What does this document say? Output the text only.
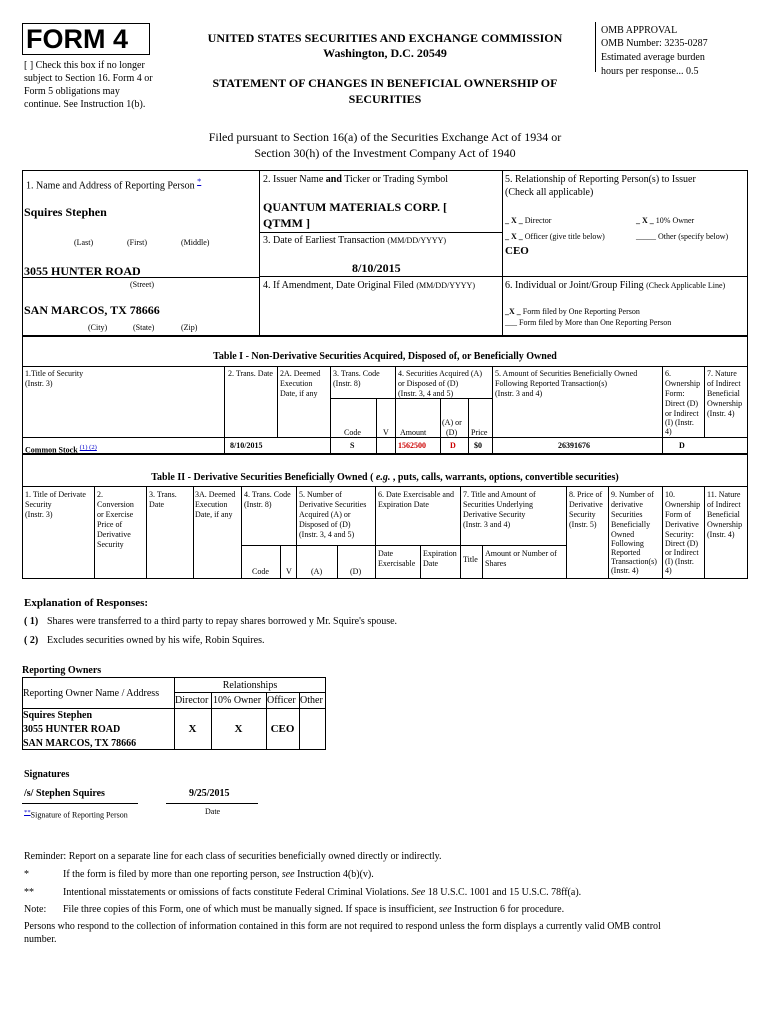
FORM 4
[ ] Check this box if no longer
subject to Section 16. Form 4 or
Form 5 obligations may
continue. See Instruction 1(b).
UNITED STATES SECURITIES AND EXCHANGE COMMISSION
Washington, D.C. 20549
STATEMENT OF CHANGES IN BENEFICIAL OWNERSHIP OF
SECURITIES
OMB APPROVAL
OMB Number: 3235-0287
Estimated average burden
hours per response... 0.5
Filed pursuant to Section 16(a) of the Securities Exchange Act of 1934 or
Section 30(h) of the Investment Company Act of 1940
1. Name and Address of Reporting Person *
Squires Stephen
(Last)	(First)	(Middle)
3055 HUNTER ROAD
(Street)
SAN MARCOS, TX 78666
(City)	(State)	(Zip)
2. Issuer Name and Ticker or Trading Symbol
QUANTUM MATERIALS CORP. [
QTMM ]
3. Date of Earliest Transaction (MM/DD/YYYY)
8/10/2015
4. If Amendment, Date Original Filed (MM/DD/YYYY)
5. Relationship of Reporting Person(s) to Issuer
(Check all applicable)
_ X _ Director	_ X _ 10% Owner
_ X _ Officer (give title below)	_____ Other (specify below)
CEO
6. Individual or Joint/Group Filing (Check Applicable Line)
_X _ Form filed by One Reporting Person
___ Form filed by More than One Reporting Person
Table I - Non-Derivative Securities Acquired, Disposed of, or Beneficially Owned
1.Title of Security
(Instr. 3)
2. Trans. Date 2A. Deemed
Execution
Date, if any
3. Trans. Code
(Instr. 8)
4. Securities Acquired (A)
or Disposed of (D)
(Instr. 3, 4 and 5)
5. Amount of Securities Beneficially Owned
Following Reported Transaction(s)
(Instr. 3 and 4)
6.
Ownership
Form:
Direct (D)
or Indirect
(I) (Instr.
4)
7. Nature
of Indirect
Beneficial
Ownership
(Instr. 4)
Code	V Amount
(A) or
(D) Price
Common Stock $^{(1) (2)}$	8/10/2015	S	1562500	D $0	26391676	D
Table II - Derivative Securities Beneficially Owned ( e.g. , puts, calls, warrants, options, convertible securities)
1. Title of Derivate
Security
(Instr. 3)
2.
Conversion
or Exercise
Price of
Derivative
Security
3. Trans.
Date
3A. Deemed
Execution
Date, if any
4. Trans. Code
(Instr. 8)
5. Number of
Derivative Securities
Acquired (A) or
Disposed of (D)
(Instr. 3, 4 and 5)
6. Date Exercisable and
Expiration Date
7. Title and Amount of
Securities Underlying
Derivative Security
(Instr. 3 and 4)
8. Price of
Derivative
Security
(Instr. 5)
9. Number of
derivative
Securities
Beneficially
Owned
Following
Reported
Transaction(s)
(Instr. 4)
10.
Ownership
Form of
Derivative
Security:
Direct (D)
or Indirect
(I) (Instr.
4)
11. Nature
of Indirect
Beneficial
Ownership
(Instr. 4)
Code V (A)	(D)
Date
Exercisable
Expiration
Date	Title
Amount or Number of
Shares
Explanation of Responses:
( 1) Shares were transferred to a third party to repay shares borrowed y Mr. Squire's spouse.
( 2) Excludes securities owned by his wife, Robin Squires.
Reporting Owners
Reporting Owner Name / Address
Relationships
Director 10% Owner Officer Other
Squires Stephen
3055 HUNTER ROAD
SAN MARCOS, TX 78666
X	X	CEO
Signatures
/s/ Stephen Squires	9/25/2015
**Signature of Reporting Person	Date
Reminder: Report on a separate line for each class of securities beneficially owned directly or indirectly.
*	If the form is filed by more than one reporting person, see Instruction 4(b)(v).
**	Intentional misstatements or omissions of facts constitute Federal Criminal Violations. See 18 U.S.C. 1001 and 15 U.S.C. 78ff(a).
Note: File three copies of this Form, one of which must be manually signed. If space is insufficient, see Instruction 6 for procedure.
Persons who respond to the collection of information contained in this form are not required to respond unless the form displays a currently valid OMB control
number.
